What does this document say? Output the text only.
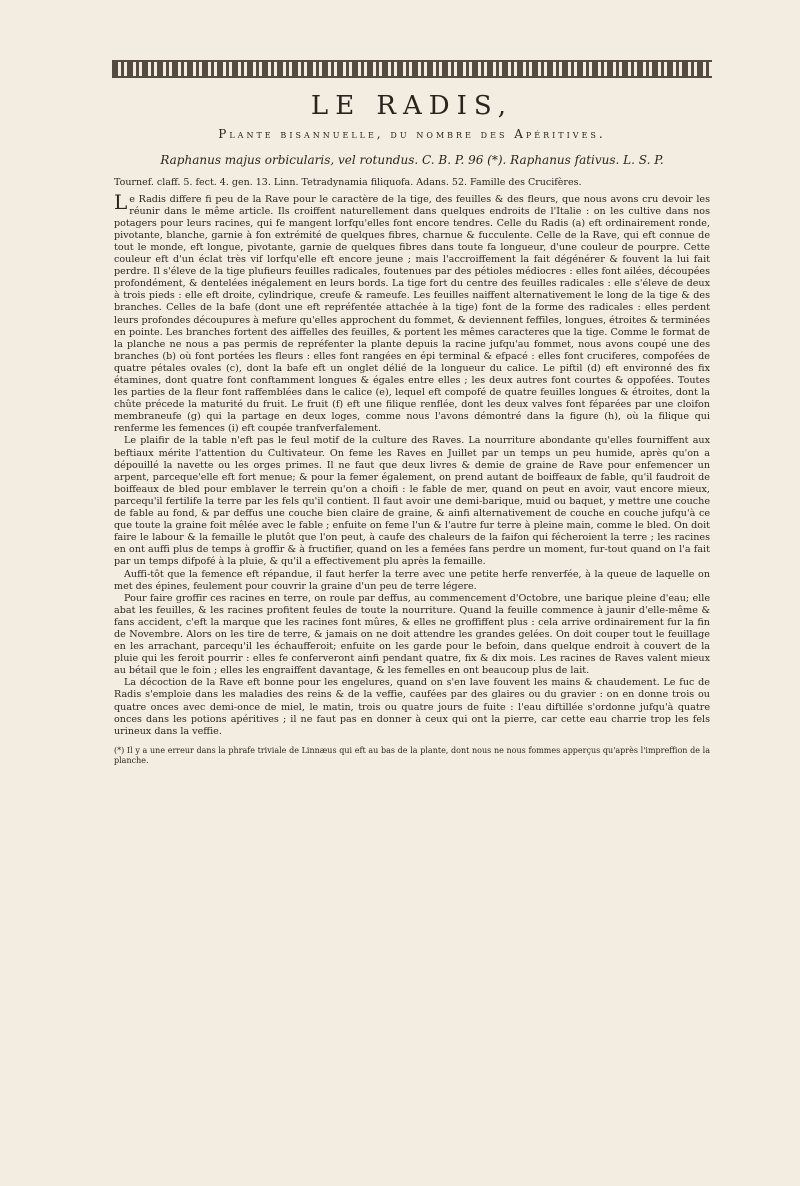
LE RADIS,
Plante bisannuelle, du nombre des Apéritives.
Raphanus majus orbicularis, vel rotundus. C. B. P. 96 (*). Raphanus fativus. L. S. P.
Tournef. claff. 5. fect. 4. gen. 13. Linn. Tetradynamia filiquofa. Adans. 52. Famille des Crucifères.

Le Radis differe fi peu de la Rave pour le caractère de la tige, des feuilles & des fleurs, que nous avons cru devoir les réunir dans le même article. Ils croiffent naturellement dans quelques endroits de l'Italie : on les cultive dans nos potagers pour leurs racines, qui fe mangent lorfqu'elles font encore tendres. Celle du Radis (a) eft ordinairement ronde, pivotante, blanche, garnie à fon extrémité de quelques fibres, charnue & fucculente. Celle de la Rave, qui eft connue de tout le monde, eft longue, pivotante, garnie de quelques fibres dans toute fa longueur, d'une couleur de pourpre. Cette couleur eft d'un éclat très vif lorfqu'elle eft encore jeune ; mais l'accroiffement la fait dégénérer & fouvent la lui fait perdre. Il s'éleve de la tige plufieurs feuilles radicales, foutenues par des pétioles médiocres : elles font ailées, découpées profondément, & dentelées inégalement en leurs bords. La tige fort du centre des feuilles radicales : elle s'éleve de deux à trois pieds : elle eft droite, cylindrique, creufe & rameufe. Les feuilles naiffent alternativement le long de la tige & des branches. Celles de la bafe (dont une eft repréfentée attachée à la tige) font de la forme des radicales : elles perdent leurs profondes découpures à mefure qu'elles approchent du fommet, & deviennent feffiles, longues, étroites & terminées en pointe. Les branches fortent des aiffelles des feuilles, & portent les mêmes caracteres que la tige. Comme le format de la planche ne nous a pas permis de repréfenter la plante depuis la racine jufqu'au fommet, nous avons coupé une des branches (b) où font portées les fleurs : elles font rangées en épi terminal & efpacé : elles font cruciferes, compofées de quatre pétales ovales (c), dont la bafe eft un onglet délié de la longueur du calice. Le piftil (d) eft environné des fix étamines, dont quatre font conftamment longues & égales entre elles ; les deux autres font courtes & oppofées. Toutes les parties de la fleur font raffemblées dans le calice (e), lequel eft compofé de quatre feuilles longues & étroites, dont la chûte précede la maturité du fruit. Le fruit (f) eft une filique renflée, dont les deux valves font féparées par une cloifon membraneufe (g) qui la partage en deux loges, comme nous l'avons démontré dans la figure (h), où la filique qui renferme les femences (i) eft coupée tranfverfalement.

Le plaifir de la table n'eft pas le feul motif de la culture des Raves. La nourriture abondante qu'elles fourniffent aux beftiaux mérite l'attention du Cultivateur. On feme les Raves en Juillet par un temps un peu humide, après qu'on a dépouillé la navette ou les orges primes. Il ne faut que deux livres & demie de graine de Rave pour enfemencer un arpent, parceque'elle eft fort menue; & pour la femer également, on prend autant de boiffeaux de fable, qu'il faudroit de boiffeaux de bled pour emblaver le terrein qu'on a choifi : le fable de mer, quand on peut en avoir, vaut encore mieux, parcequ'il fertilife la terre par les fels qu'il contient. Il faut avoir une demi-barique, muid ou baquet, y mettre une couche de fable au fond, & par deffus une couche bien claire de graine, & ainfi alternativement de couche en couche jufqu'à ce que toute la graine foit mêlée avec le fable ; enfuite on feme l'un & l'autre fur terre à pleine main, comme le bled. On doit faire le labour & la femaille le plutôt que l'on peut, à caufe des chaleurs de la faifon qui fécheroient la terre ; les racines en ont auffi plus de temps à groffir & à fructifier, quand on les a femées fans perdre un moment, fur-tout quand on l'a fait par un temps difpofé à la pluie, & qu'il a effectivement plu après la femaille.

Auffi-tôt que la femence eft répandue, il faut herfer la terre avec une petite herfe renverfée, à la queue de laquelle on met des épines, feulement pour couvrir la graine d'un peu de terre légere.

Pour faire groffir ces racines en terre, on roule par deffus, au commencement d'Octobre, une barique pleine d'eau; elle abat les feuilles, & les racines profitent feules de toute la nourriture. Quand la feuille commence à jaunir d'elle-même & fans accident, c'eft la marque que les racines font mûres, & elles ne groffiffent plus : cela arrive ordinairement fur la fin de Novembre. Alors on les tire de terre, & jamais on ne doit attendre les grandes gelées. On doit couper tout le feuillage en les arrachant, parcequ'il les échaufferoit; enfuite on les garde pour le befoin, dans quelque endroit à couvert de la pluie qui les feroit pourrir : elles fe conferveront ainfi pendant quatre, fix & dix mois. Les racines de Raves valent mieux au bétail que le foin ; elles les engraiffent davantage, & les femelles en ont beaucoup plus de lait.

La décoction de la Rave eft bonne pour les engelures, quand on s'en lave fouvent les mains & chaudement. Le fuc de Radis s'emploie dans les maladies des reins & de la veffie, caufées par des glaires ou du gravier : on en donne trois ou quatre onces avec demi-once de miel, le matin, trois ou quatre jours de fuite : l'eau diftillée s'ordonne jufqu'à quatre onces dans les potions apéritives ; il ne faut pas en donner à ceux qui ont la pierre, car cette eau charrie trop les fels urineux dans la veffie.

(*) Il y a une erreur dans la phrafe triviale de Linnæus qui eft au bas de la plante, dont nous ne nous fommes apperçus qu'après l'impreffion de la planche.
